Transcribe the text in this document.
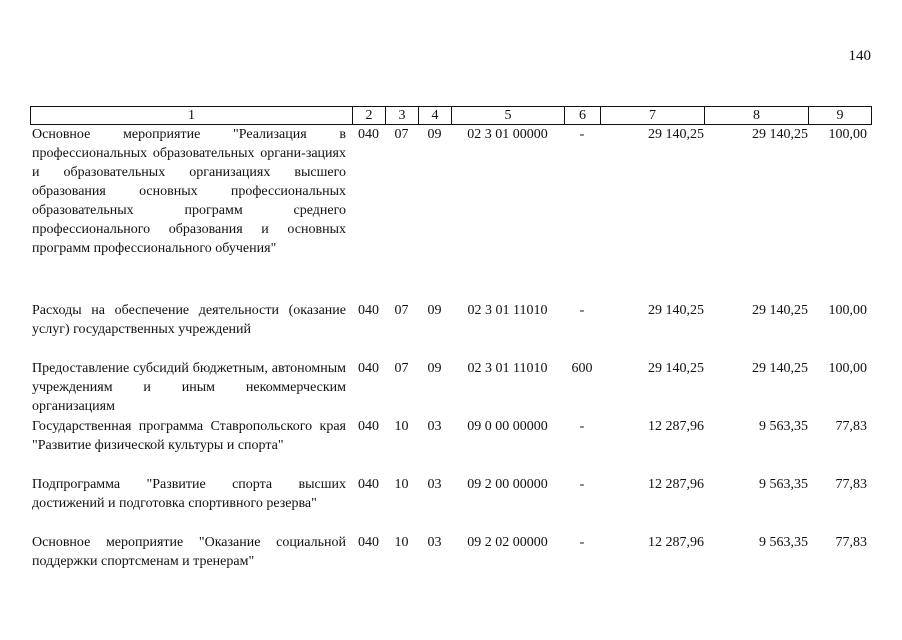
140
1	2	3	4	5	6	7	8	9
Основное мероприятие "Реализация в профессиональных образовательных органи-зациях и образовательных организациях высшего образования основных профессиональных образовательных программ среднего профессионального образования и основных программ профессионального обучения"
040	07	09	02 3 01 00000	-	29 140,25	29 140,25	100,00
Расходы на обеспечение деятельности (оказание услуг) государственных учреждений
040	07	09	02 3 01 11010	-	29 140,25	29 140,25	100,00
Предоставление субсидий бюджетным, автономным учреждениям и иным некоммерческим организациям
040	07	09	02 3 01 11010	600	29 140,25	29 140,25	100,00
Государственная программа Ставропольского края "Развитие физической культуры и спорта"
040	10	03	09 0 00 00000	-	12 287,96	9 563,35	77,83
Подпрограмма "Развитие спорта высших достижений и подготовка спортивного резерва"
040	10	03	09 2 00 00000	-	12 287,96	9 563,35	77,83
Основное мероприятие "Оказание социальной поддержки спортсменам и тренерам"
040	10	03	09 2 02 00000	-	12 287,96	9 563,35	77,83
